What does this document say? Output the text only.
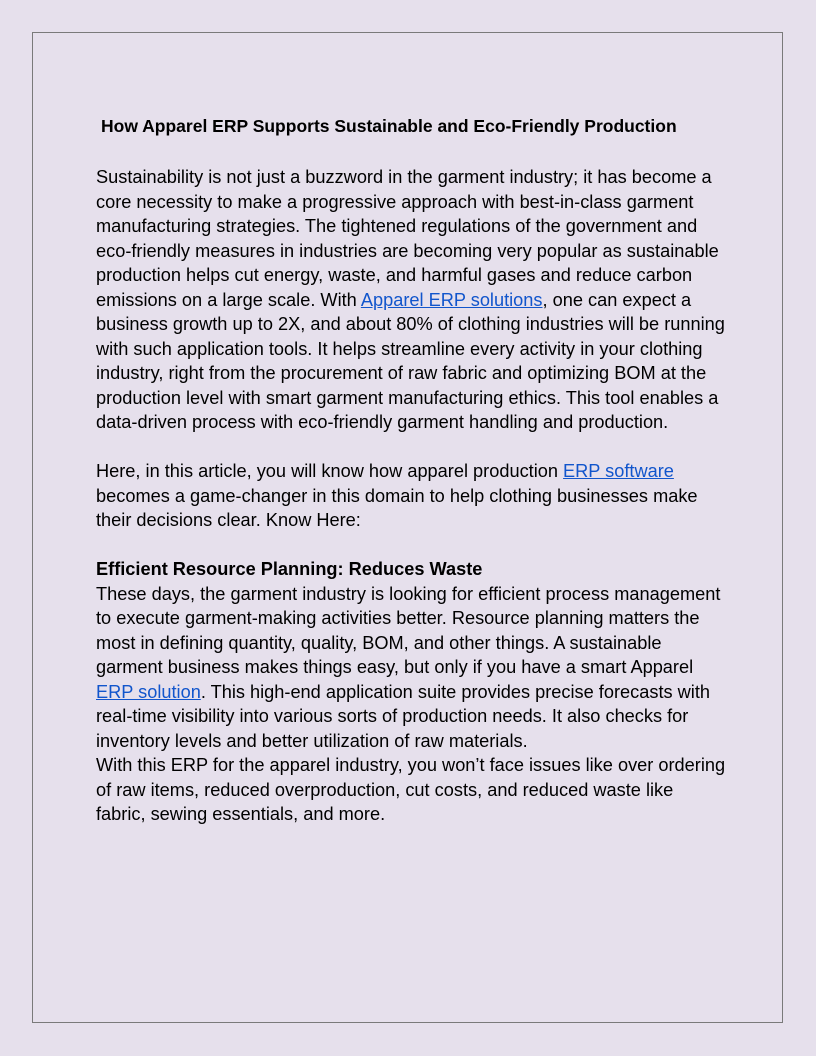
How Apparel ERP Supports Sustainable and Eco-Friendly Production

Sustainability is not just a buzzword in the garment industry; it has become a core necessity to make a progressive approach with best-in-class garment manufacturing strategies. The tightened regulations of the government and eco-friendly measures in industries are becoming very popular as sustainable production helps cut energy, waste, and harmful gases and reduce carbon emissions on a large scale. With Apparel ERP solutions, one can expect a business growth up to 2X, and about 80% of clothing industries will be running with such application tools. It helps streamline every activity in your clothing industry, right from the procurement of raw fabric and optimizing BOM at the production level with smart garment manufacturing ethics. This tool enables a data-driven process with eco-friendly garment handling and production.

Here, in this article, you will know how apparel production ERP software becomes a game-changer in this domain to help clothing businesses make their decisions clear. Know Here:

Efficient Resource Planning: Reduces Waste

These days, the garment industry is looking for efficient process management to execute garment-making activities better. Resource planning matters the most in defining quantity, quality, BOM, and other things. A sustainable garment business makes things easy, but only if you have a smart Apparel ERP solution. This high-end application suite provides precise forecasts with real-time visibility into various sorts of production needs. It also checks for inventory levels and better utilization of raw materials.

With this ERP for the apparel industry, you won’t face issues like over ordering of raw items, reduced overproduction, cut costs, and reduced waste like fabric, sewing essentials, and more.
